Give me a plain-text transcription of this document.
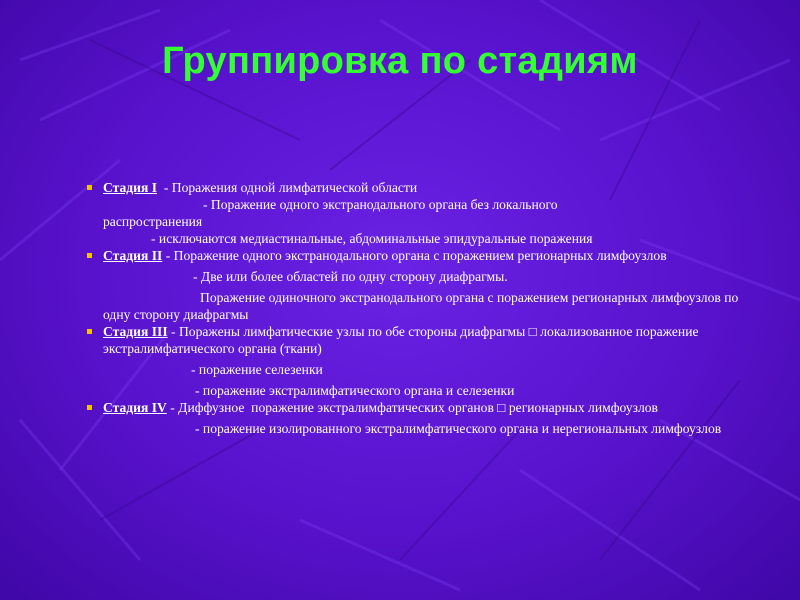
Группировка по стадиям
Стадия I  - Поражения одной лимфатической области
- Поражение одного экстранодального органа без локального
распространения
- исключаются медиастинальные, абдоминальные эпидуральные поражения
Стадия II - Поражение одного экстранодального органа с поражением регионарных лимфоузлов
- Две или более областей по одну сторону диафрагмы.
Поражение одиночного экстранодального органа с поражением регионарных лимфоузлов по одну сторону диафрагмы
Стадия III - Поражены лимфатические узлы по обе стороны диафрагмы □ локализованное поражение экстралимфатического органа (ткани)
- поражение селезенки
- поражение экстралимфатического органа и селезенки
Стадия IV - Диффузное  поражение экстралимфатических органов □ регионарных лимфоузлов
- поражение изолированного экстралимфатического органа и нерегиональных лимфоузлов
